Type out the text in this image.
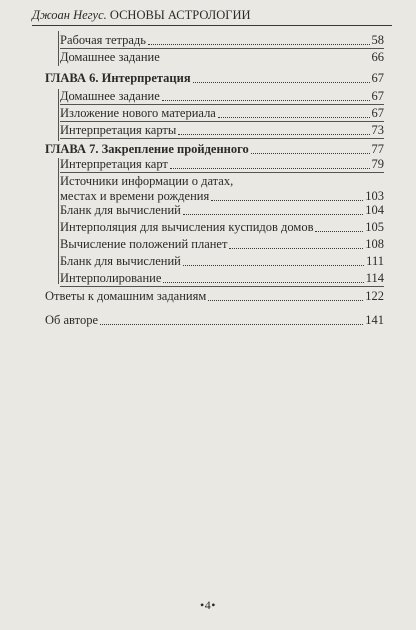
Джоан Негус. ОСНОВЫ АСТРОЛОГИИ
Рабочая тетрадь	58
Домашнее задание	66
ГЛАВА 6. Интерпретация	67
Домашнее задание	67
Изложение нового материала	67
Интерпретация карты	73
ГЛАВА 7. Закрепление пройденного	77
Интерпретация карт	79
Источники информации о датах,
местах и времени рождения	103
Бланк для вычислений	104
Интерполяция для вычисления куспидов домов	105
Вычисление положений планет	108
Бланк для вычислений	111
Интерполирование	114
Ответы к домашним заданиям	122
Об авторе	141
•4•
